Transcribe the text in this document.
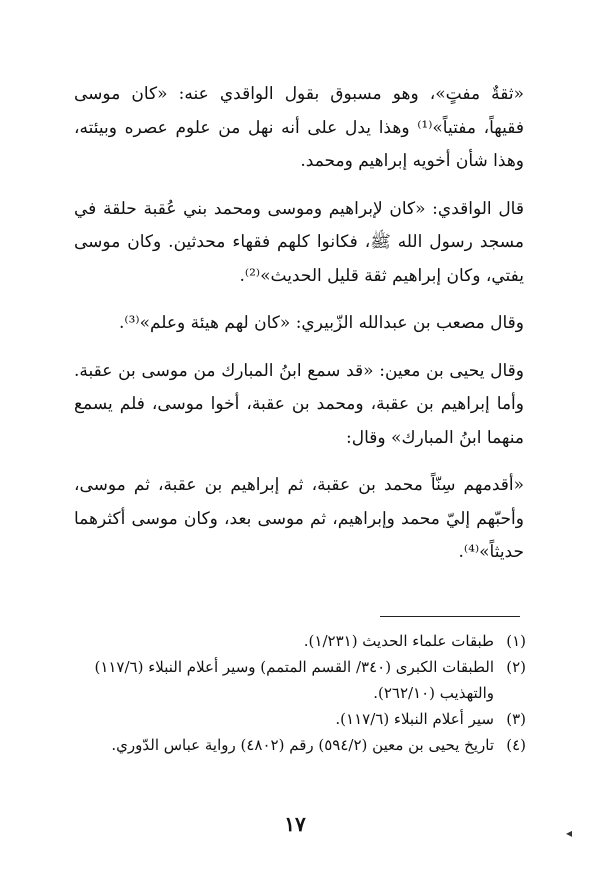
«ثقةٌ مفتٍ»، وهو مسبوق بقول الواقدي عنه: «كان موسى فقيهاً، مفتياً»⁽¹⁾ وهذا يدل على أنه نهل من علوم عصره وبيئته، وهذا شأن أخويه إبراهيم ومحمد.

قال الواقدي: «كان لإبراهيم وموسى ومحمد بني عُقبة حلقة في مسجد رسول الله ﷺ، فكانوا كلهم فقهاء محدثين. وكان موسى يفتي، وكان إبراهيم ثقة قليل الحديث»⁽²⁾.

وقال مصعب بن عبدالله الزّبيري: «كان لهم هيئة وعلم»⁽³⁾.

وقال يحيى بن معين: «قد سمع ابنُ المبارك من موسى بن عقبة. وأما إبراهيم بن عقبة، ومحمد بن عقبة، أخوا موسى، فلم يسمع منهما ابنُ المبارك» وقال:

«أقدمهم سِنّاً محمد بن عقبة، ثم إبراهيم بن عقبة، ثم موسى، وأحبّهم إليّ محمد وإبراهيم، ثم موسى بعد، وكان موسى أكثرهما حديثاً»⁽⁴⁾.

(١)
طبقات علماء الحديث (١/٢٣١).
(٢)
الطبقات الكبرى (٣٤٠/ القسم المتمم) وسير أعلام النبلاء (١١٧/٦) والتهذيب (٢٦٢/١٠).
(٣)
سير أعلام النبلاء (١١٧/٦).
(٤)
تاريخ يحيى بن معين (٥٩٤/٢) رقم (٤٨٠٢) رواية عباس الدّوري.
١٧	◂
